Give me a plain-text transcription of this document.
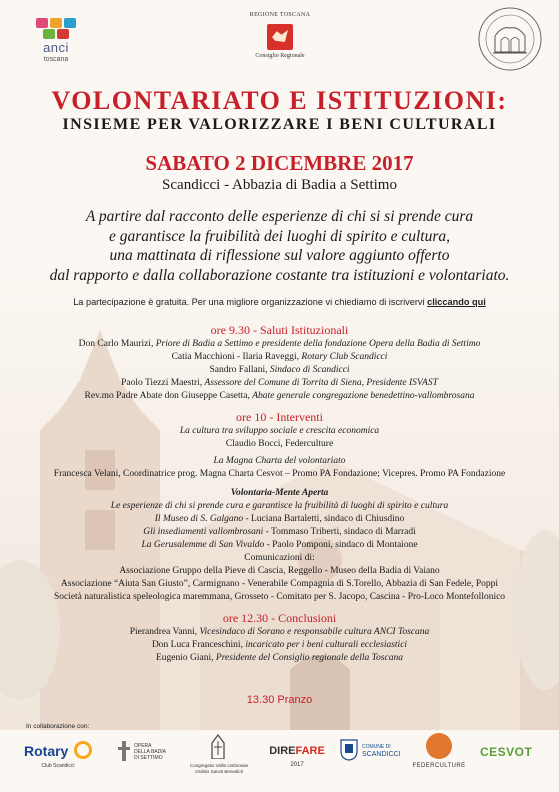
anci
toscana
REGIONE TOSCANA
Consiglio Regionale
VOLONTARIATO E ISTITUZIONI:
INSIEME PER VALORIZZARE I BENI CULTURALI
SABATO 2 DICEMBRE 2017
Scandicci - Abbazia di Badia a Settimo
A partire dal racconto delle esperienze di chi si si prende cura
e garantisce la fruibilità dei luoghi di spirito e cultura,
una mattinata di riflessione sul valore aggiunto offerto
dal rapporto e dalla collaborazione costante tra istituzioni e volontariato.
La partecipazione è gratuita. Per una migliore organizzazione vi chiediamo di iscrivervi cliccando qui
ore 9.30 - Saluti Istituzionali
Don Carlo Maurizi, Priore di Badia a Settimo e presidente della fondazione Opera della Badia di Settimo
Catia Macchioni - Ilaria Raveggi, Rotary Club Scandicci
Sandro Fallani, Sindaco di Scandicci
Paolo Tiezzi Maestri, Assessore del Comune di Torrita di Siena, Presidente ISVAST
Rev.mo Padre Abate don Giuseppe Casetta, Abate generale congregazione benedettino-vallombrosana
ore 10 - Interventi
La cultura tra sviluppo sociale e crescita economica
Claudio Bocci, Federculture
La Magna Charta del volontariato
Francesca Velani, Coordinatrice prog. Magna Charta Cesvot – Promo PA Fondazione; Vicepres. Promo PA Fondazione
Volontaria-Mente Aperta
Le esperienze di chi si prende cura e garantisce la fruibilità di luoghi di spirito e cultura
Il Museo di S. Galgano - Luciana Bartaletti, sindaco di Chiusdino
Gli insediamenti vallombrosani - Tommaso Triberti, sindaco di Marradi
La Gerusalemme di San Vivaldo - Paolo Pomponi, sindaco di Montaione
Comunicazioni di:
Associazione Gruppo della Pieve di Cascia, Reggello - Museo della Badia di Vaiano
Associazione “Aiuta San Giusto”, Carmignano - Venerabile Compagnia di S.Torello, Abbazia di San Fedele, Poppi
Società naturalistica speleologica maremmana, Grosseto - Comitato per S. Jacopo, Cascina - Pro-Loco Montefollonico
ore 12.30 - Conclusioni
Pierandrea Vanni, Vicesindaco di Sorano e responsabile cultura ANCI Toscana
Don Luca Franceschini, incaricato per i beni culturali ecclesiastici
Eugenio Giani, Presidente del Consiglio regionale della Toscana
13.30 Pranzo
In collaborazione con:
Rotary
Club Scandicci
OPERA
DELLA BADIA
DI SETTIMO
Congregatio Vallis Umbrosae
Ordinis Sancti Benedicti
DIREFARE 2017
COMUNE DI
SCANDICCI
FEDERCULTURE
CESVOT
